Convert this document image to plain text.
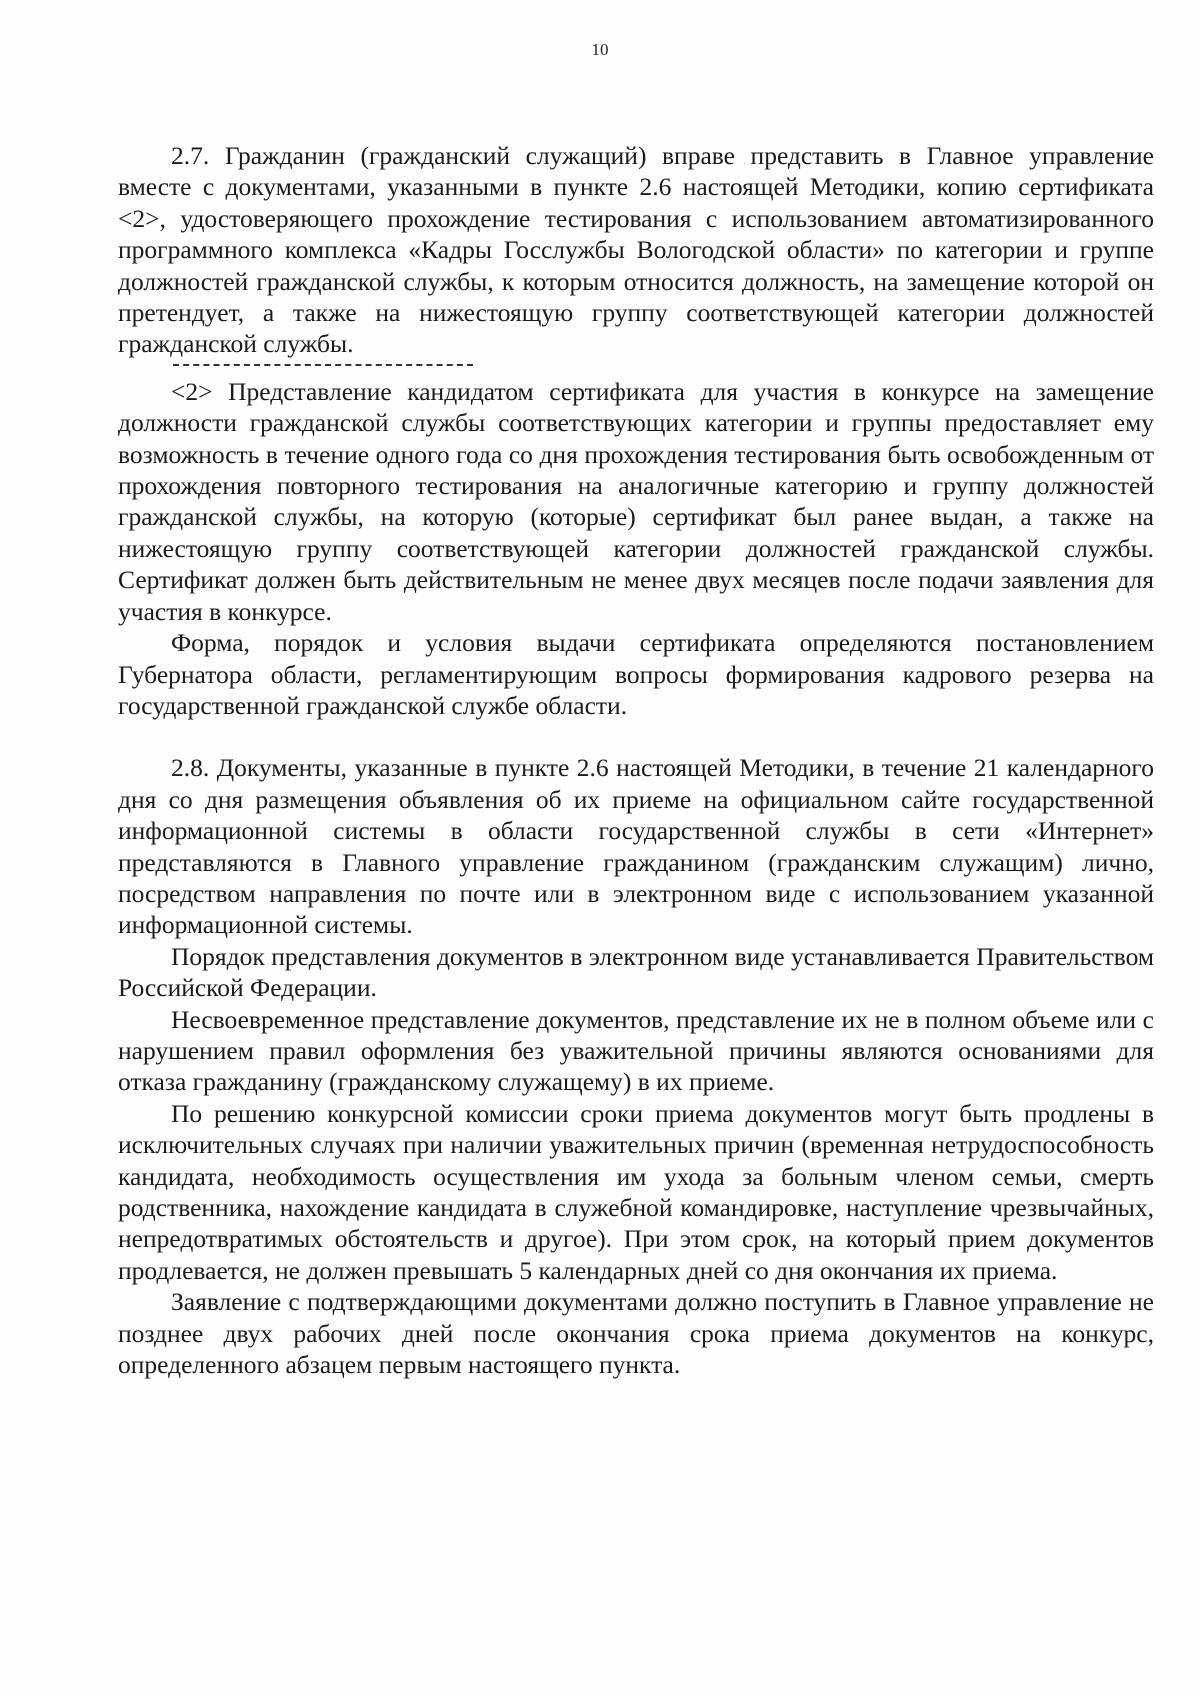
10

2.7. Гражданин (гражданский служащий) вправе представить в Главное управление вместе с документами, указанными в пункте 2.6 настоящей Методики, копию сертификата <2>, удостоверяющего прохождение тестирования с использованием автоматизированного программного комплекса «Кадры Госслужбы Вологодской области» по категории и группе должностей гражданской службы, к которым относится должность, на замещение которой он претендует, а также на нижестоящую группу соответствующей категории должностей гражданской службы.

<2> Представление кандидатом сертификата для участия в конкурсе на замещение должности гражданской службы соответствующих категории и группы предоставляет ему возможность в течение одного года со дня прохождения тестирования быть освобожденным от прохождения повторного тестирования на аналогичные категорию и группу должностей гражданской службы, на которую (которые) сертификат был ранее выдан, а также на нижестоящую группу соответствующей категории должностей гражданской службы. Сертификат должен быть действительным не менее двух месяцев после подачи заявления для участия в конкурсе.

Форма, порядок и условия выдачи сертификата определяются постановлением Губернатора области, регламентирующим вопросы формирования кадрового резерва на государственной гражданской службе области.

2.8. Документы, указанные в пункте 2.6 настоящей Методики, в течение 21 календарного дня со дня размещения объявления об их приеме на официальном сайте государственной информационной системы в области государственной службы в сети «Интернет» представляются в Главного управление гражданином (гражданским служащим) лично, посредством направления по почте или в электронном виде с использованием указанной информационной системы.

Порядок представления документов в электронном виде устанавливается Правительством Российской Федерации.

Несвоевременное представление документов, представление их не в полном объеме или с нарушением правил оформления без уважительной причины являются основаниями для отказа гражданину (гражданскому служащему) в их приеме.

По решению конкурсной комиссии сроки приема документов могут быть продлены в исключительных случаях при наличии уважительных причин (временная нетрудоспособность кандидата, необходимость осуществления им ухода за больным членом семьи, смерть родственника, нахождение кандидата в служебной командировке, наступление чрезвычайных, непредотвратимых обстоятельств и другое). При этом срок, на который прием документов продлевается, не должен превышать 5 календарных дней со дня окончания их приема.

Заявление с подтверждающими документами должно поступить в Главное управление не позднее двух рабочих дней после окончания срока приема документов на конкурс, определенного абзацем первым настоящего пункта.
